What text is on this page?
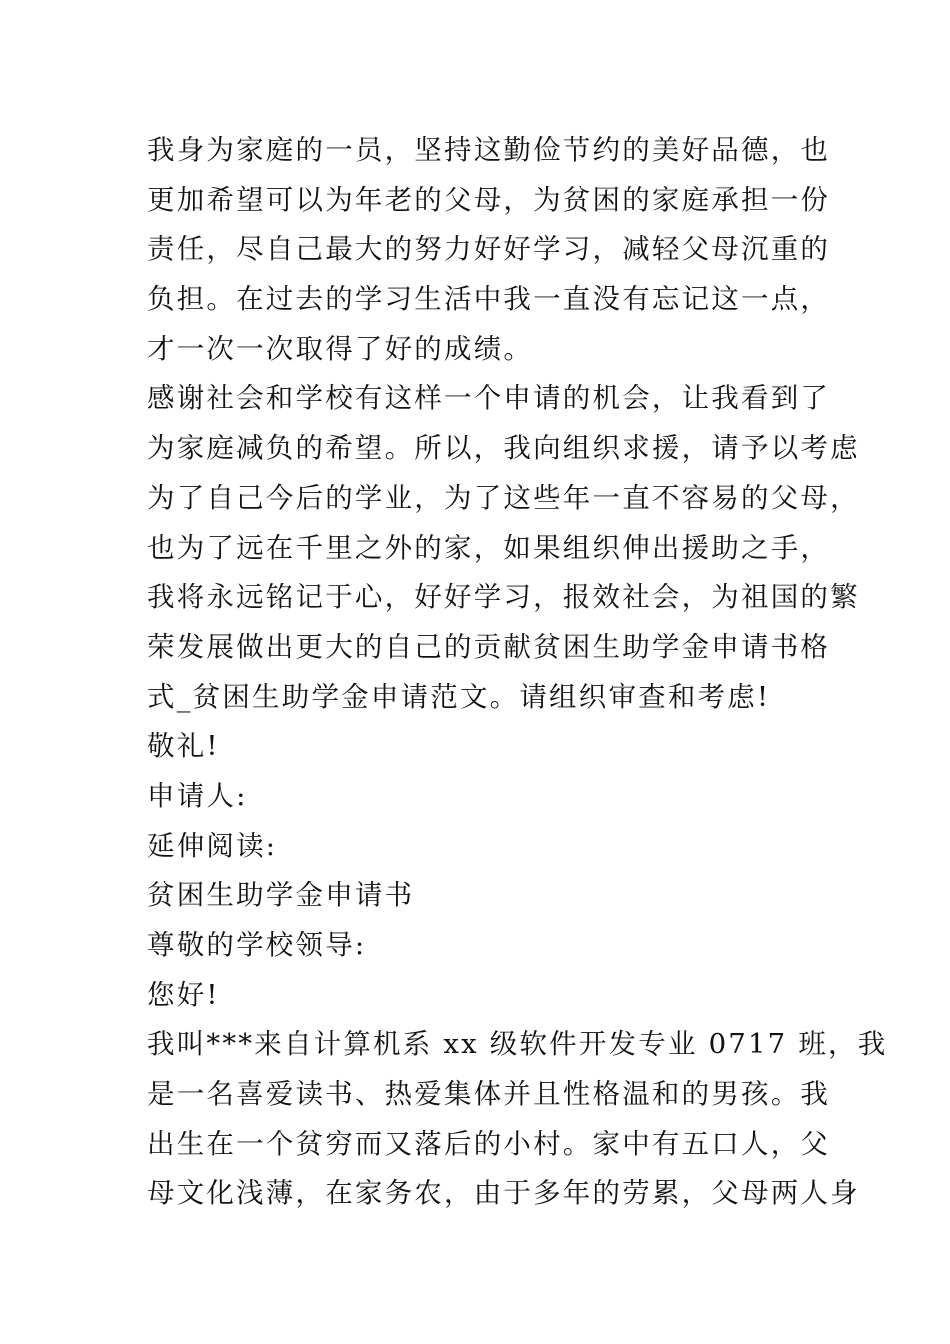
我身为家庭的一员，坚持这勤俭节约的美好品德，也
更加希望可以为年老的父母，为贫困的家庭承担一份
责任，尽自己最大的努力好好学习，减轻父母沉重的
负担。在过去的学习生活中我一直没有忘记这一点，
才一次一次取得了好的成绩。
感谢社会和学校有这样一个申请的机会，让我看到了
为家庭减负的希望。所以，我向组织求援，请予以考虑
为了自己今后的学业，为了这些年一直不容易的父母，
也为了远在千里之外的家，如果组织伸出援助之手，
我将永远铭记于心，好好学习，报效社会，为祖国的繁
荣发展做出更大的自己的贡献贫困生助学金申请书格
式_贫困生助学金申请范文。请组织审查和考虑!
敬礼!
申请人:
延伸阅读:
贫困生助学金申请书
尊敬的学校领导:
您好!
我叫***来自计算机系 xx 级软件开发专业 0717 班，我
是一名喜爱读书、热爱集体并且性格温和的男孩。我
出生在一个贫穷而又落后的小村。家中有五口人，父
母文化浅薄，在家务农，由于多年的劳累，父母两人身
